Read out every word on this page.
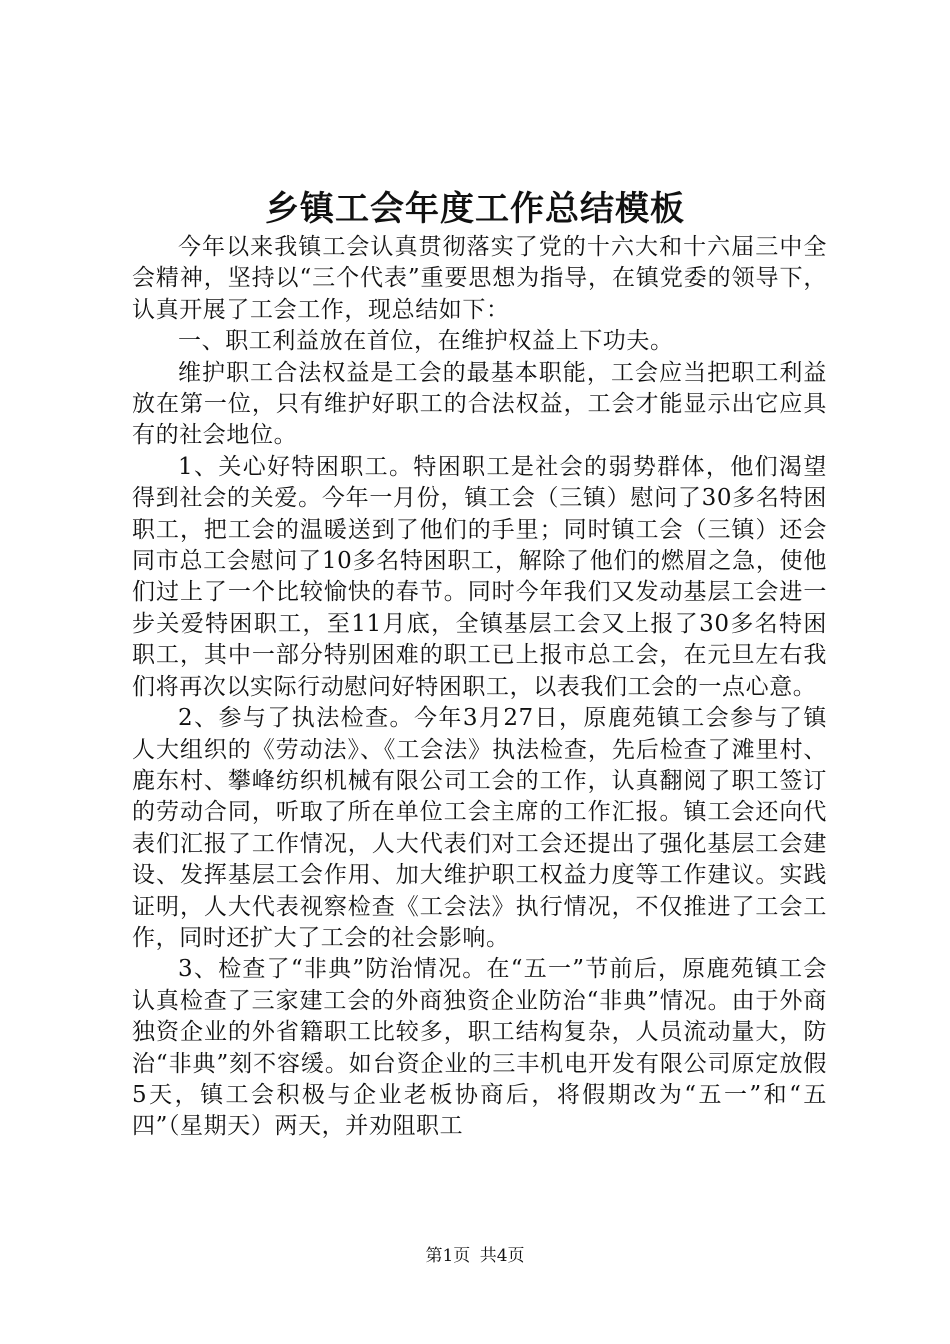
乡镇工会年度工作总结模板

今年以来我镇工会认真贯彻落实了党的十六大和十六届三中全会精神，坚持以“三个代表”重要思想为指导，在镇党委的领导下，认真开展了工会工作，现总结如下：

一、职工利益放在首位，在维护权益上下功夫。

维护职工合法权益是工会的最基本职能，工会应当把职工利益放在第一位，只有维护好职工的合法权益，工会才能显示出它应具有的社会地位。

1、关心好特困职工。特困职工是社会的弱势群体，他们渴望得到社会的关爱。今年一月份，镇工会（三镇）慰问了30多名特困职工，把工会的温暖送到了他们的手里；同时镇工会（三镇）还会同市总工会慰问了10多名特困职工，解除了他们的燃眉之急，使他们过上了一个比较愉快的春节。同时今年我们又发动基层工会进一步关爱特困职工，至11月底，全镇基层工会又上报了30多名特困职工，其中一部分特别困难的职工已上报市总工会，在元旦左右我们将再次以实际行动慰问好特困职工，以表我们工会的一点心意。

2、参与了执法检查。今年3月27日，原鹿苑镇工会参与了镇人大组织的《劳动法》、《工会法》执法检查，先后检查了滩里村、鹿东村、攀峰纺织机械有限公司工会的工作，认真翻阅了职工签订的劳动合同，听取了所在单位工会主席的工作汇报。镇工会还向代表们汇报了工作情况，人大代表们对工会还提出了强化基层工会建设、发挥基层工会作用、加大维护职工权益力度等工作建议。实践证明，人大代表视察检查《工会法》执行情况，不仅推进了工会工作，同时还扩大了工会的社会影响。

3、检查了“非典”防治情况。在“五一”节前后，原鹿苑镇工会认真检查了三家建工会的外商独资企业防治“非典”情况。由于外商独资企业的外省籍职工比较多，职工结构复杂，人员流动量大，防治“非典”刻不容缓。如台资企业的三丰机电开发有限公司原定放假5天，镇工会积极与企业老板协商后，将假期改为“五一”和“五四”（星期天）两天，并劝阻职工

第1页 共4页
